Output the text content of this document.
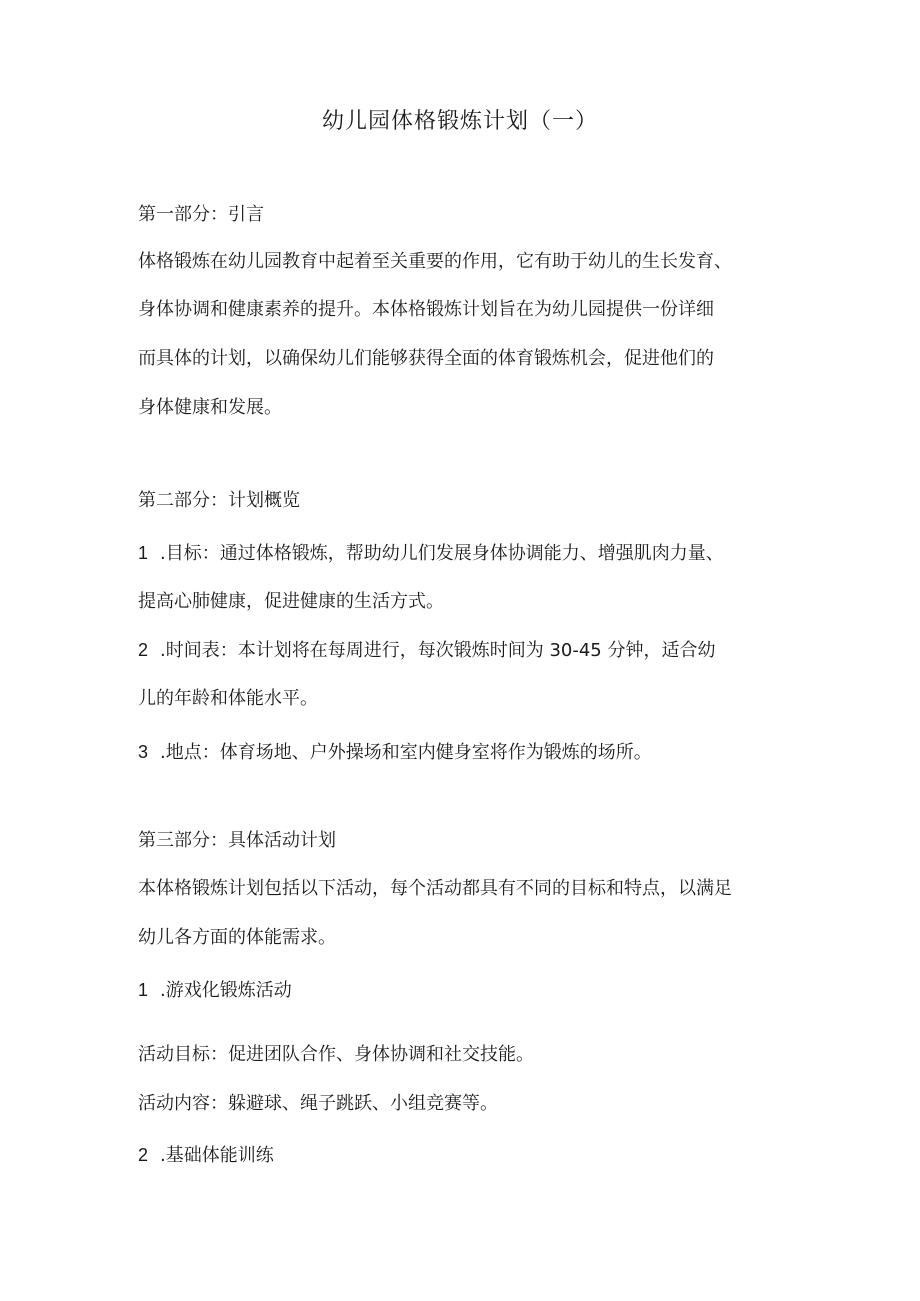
幼儿园体格锻炼计划（一）
第一部分：引言
体格锻炼在幼儿园教育中起着至关重要的作用，它有助于幼儿的生长发育、
身体协调和健康素养的提升。本体格锻炼计划旨在为幼儿园提供一份详细
而具体的计划，以确保幼儿们能够获得全面的体育锻炼机会，促进他们的
身体健康和发展。
第二部分：计划概览
1 .目标：通过体格锻炼，帮助幼儿们发展身体协调能力、增强肌肉力量、
提高心肺健康，促进健康的生活方式。
2 .时间表：本计划将在每周进行，每次锻炼时间为 30-45 分钟，适合幼
儿的年龄和体能水平。
3 .地点：体育场地、户外操场和室内健身室将作为锻炼的场所。
第三部分：具体活动计划
本体格锻炼计划包括以下活动，每个活动都具有不同的目标和特点，以满足
幼儿各方面的体能需求。
1 .游戏化锻炼活动
活动目标：促进团队合作、身体协调和社交技能。
活动内容：躲避球、绳子跳跃、小组竞赛等。
2 .基础体能训练
